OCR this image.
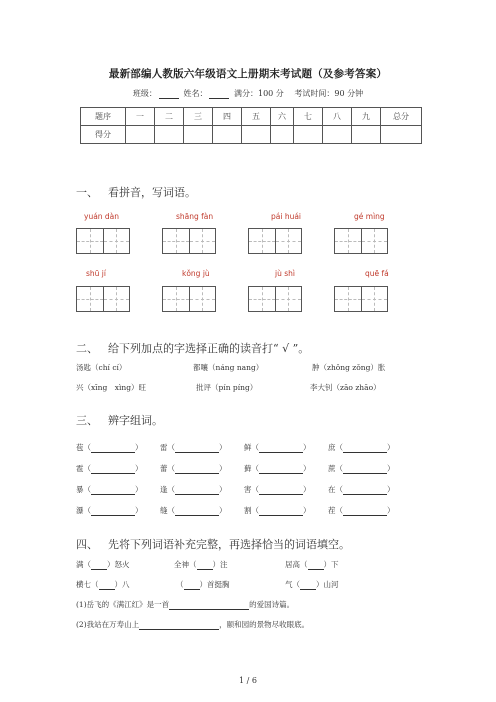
最新部编人教版六年级语文上册期末考试题（及参考答案）
班级：	姓名：	满分：100 分 考试时间：90 分钟
题序	一	二	三	四	五	六	七	八	九	总分
得分										
一、 看拼音，写词语。
yuán dàn	shāng fàn	pái huái	gé mìng
shū jí	kǒng jù	jù shì	quē fá
二、 给下列加点的字选择正确的读音打“ √ ”。
汤匙（chí cí）	都嚷（náng nang）	肿（zhǒng zǒng）胀
兴（xīng　xìng）旺	批评（pín píng）	李大钊（zāo zhāo）
三、 辨字组词。
苞（	） 雷（	） 鲜（	） 庶（	）
雹（	） 蕾（	） 藓（	） 蔗（	）
暴（	） 逢（	） 害（	） 在（	）
瀑（	） 缝（	） 割（	） 茬（	）
四、 先将下列词语补充完整，再选择恰当的词语填空。
满（ ）怒火	全神（ ）注	居高（ ）下
横七（ ）八	（ ）首挺胸	气（ ）山河
(1)岳飞的《满江红》是一首	的爱国诗篇。
(2)我站在万寿山上	，颐和园的景物尽收眼底。
1 / 6
